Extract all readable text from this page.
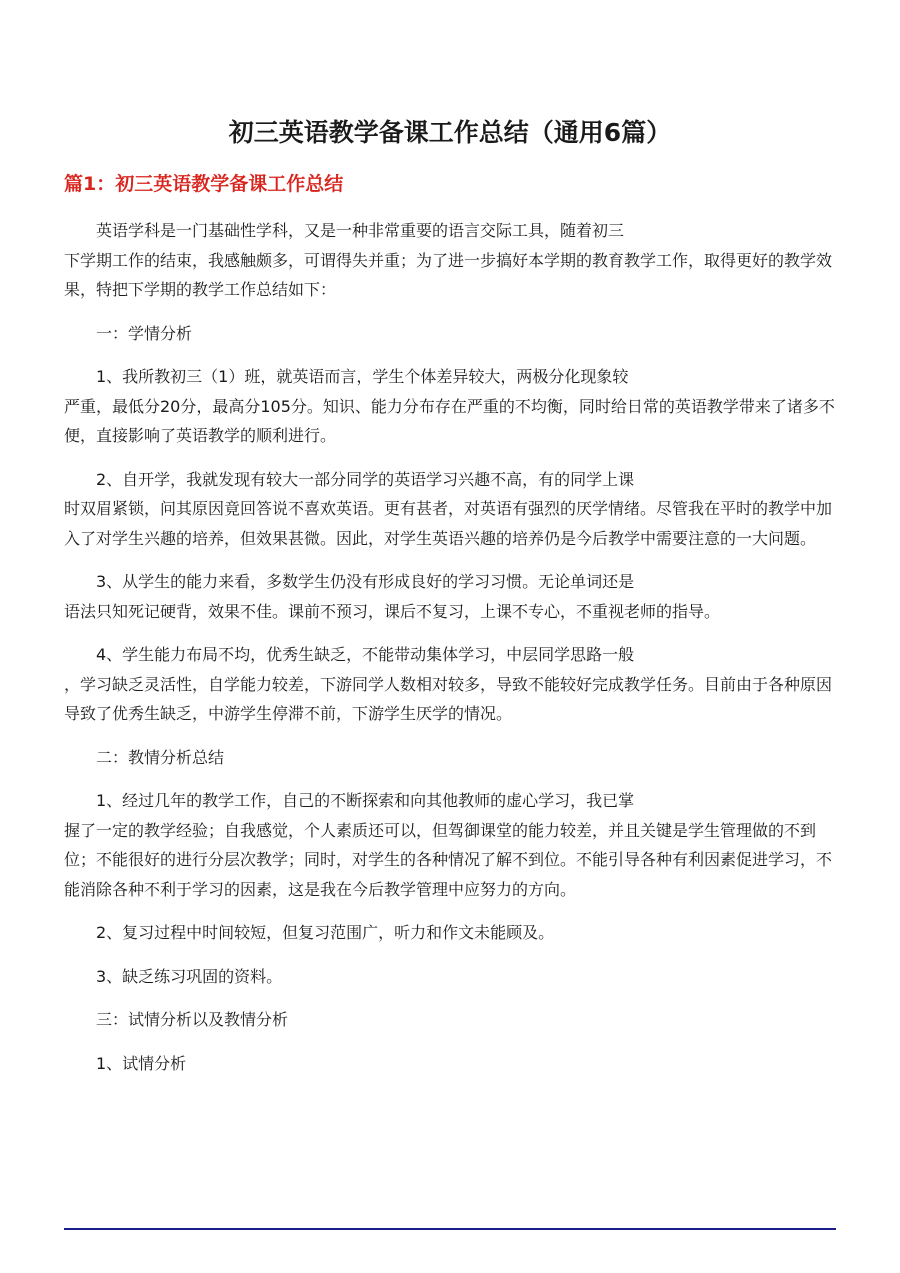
初三英语教学备课工作总结（通用6篇）
篇1：初三英语教学备课工作总结

英语学科是一门基础性学科，又是一种非常重要的语言交际工具，随着初三
下学期工作的结束，我感触颇多，可谓得失并重；为了进一步搞好本学期的教育教学工作，取得更好的教学效果，特把下学期的教学工作总结如下：

一：学情分析

1、我所教初三（1）班，就英语而言，学生个体差异较大，两极分化现象较
严重，最低分20分，最高分105分。知识、能力分布存在严重的不均衡，同时给日常的英语教学带来了诸多不便，直接影响了英语教学的顺利进行。

2、自开学，我就发现有较大一部分同学的英语学习兴趣不高，有的同学上课
时双眉紧锁，问其原因竟回答说不喜欢英语。更有甚者，对英语有强烈的厌学情绪。尽管我在平时的教学中加入了对学生兴趣的培养，但效果甚微。因此，对学生英语兴趣的培养仍是今后教学中需要注意的一大问题。

3、从学生的能力来看，多数学生仍没有形成良好的学习习惯。无论单词还是
语法只知死记硬背，效果不佳。课前不预习，课后不复习，上课不专心，不重视老师的指导。

4、学生能力布局不均，优秀生缺乏，不能带动集体学习，中层同学思路一般
，学习缺乏灵活性，自学能力较差，下游同学人数相对较多，导致不能较好完成教学任务。目前由于各种原因导致了优秀生缺乏，中游学生停滞不前，下游学生厌学的情况。

二：教情分析总结

1、经过几年的教学工作，自己的不断探索和向其他教师的虚心学习，我已掌
握了一定的教学经验；自我感觉，个人素质还可以，但驾御课堂的能力较差，并且关键是学生管理做的不到位；不能很好的进行分层次教学；同时，对学生的各种情况了解不到位。不能引导各种有利因素促进学习，不能消除各种不利于学习的因素，这是我在今后教学管理中应努力的方向。

2、复习过程中时间较短，但复习范围广，听力和作文未能顾及。

3、缺乏练习巩固的资料。

三：试情分析以及教情分析

1、试情分析
